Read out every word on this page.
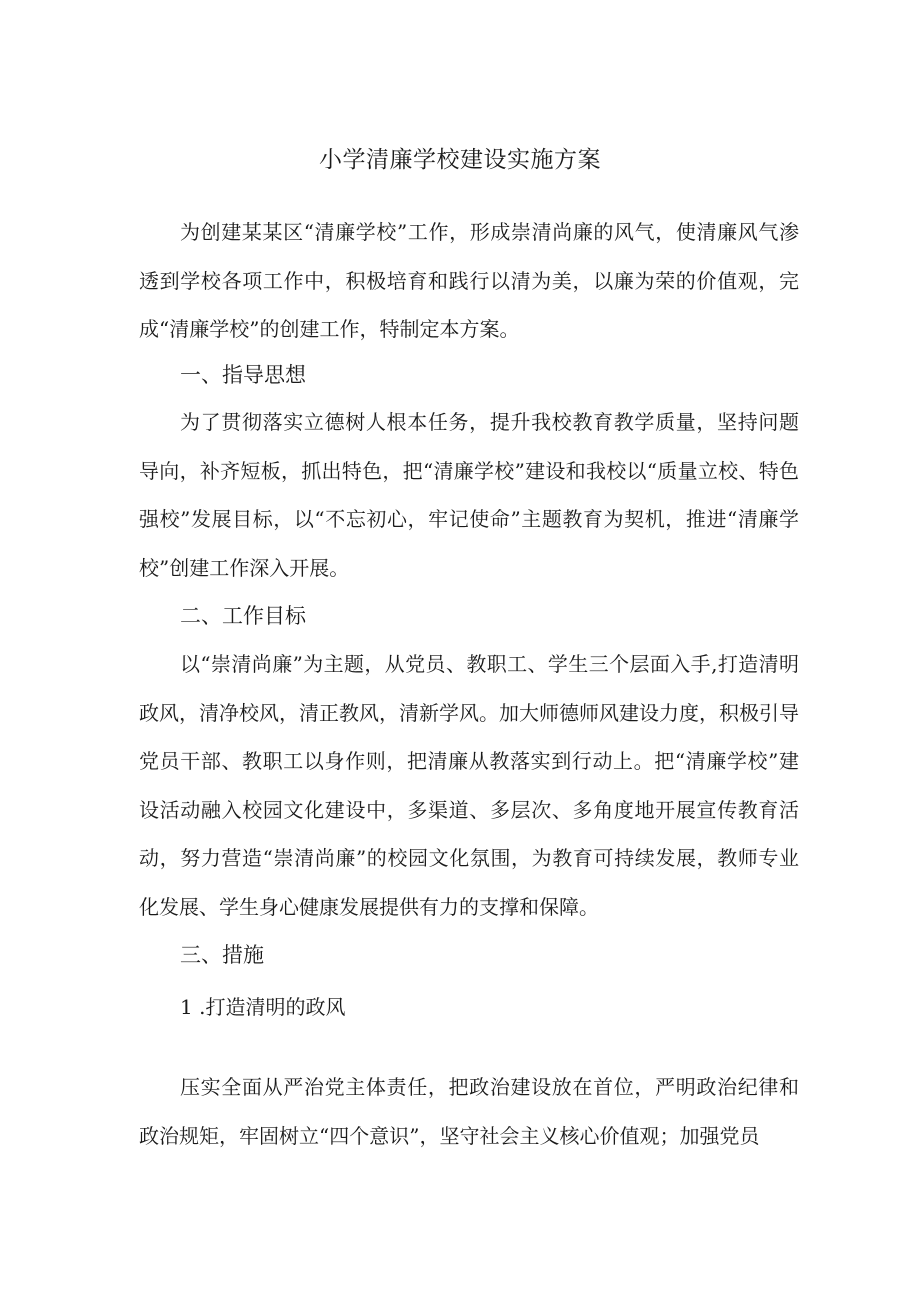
小学清廉学校建设实施方案

为创建某某区“清廉学校”工作，形成崇清尚廉的风气，使清廉风气渗透到学校各项工作中，积极培育和践行以清为美，以廉为荣的价值观，完成“清廉学校”的创建工作，特制定本方案。

一、指导思想

为了贯彻落实立德树人根本任务，提升我校教育教学质量，坚持问题导向，补齐短板，抓出特色，把“清廉学校”建设和我校以“质量立校、特色强校”发展目标，以“不忘初心，牢记使命”主题教育为契机，推进“清廉学校”创建工作深入开展。

二、工作目标

以“崇清尚廉”为主题，从党员、教职工、学生三个层面入手,打造清明政风，清净校风，清正教风，清新学风。加大师德师风建设力度，积极引导党员干部、教职工以身作则，把清廉从教落实到行动上。把“清廉学校”建设活动融入校园文化建设中，多渠道、多层次、多角度地开展宣传教育活动，努力营造“崇清尚廉”的校园文化氛围，为教育可持续发展，教师专业化发展、学生身心健康发展提供有力的支撑和保障。

三、措施
1 .打造清明的政风

压实全面从严治党主体责任，把政治建设放在首位，严明政治纪律和政治规矩，牢固树立“四个意识”，坚守社会主义核心价值观；加强党员
